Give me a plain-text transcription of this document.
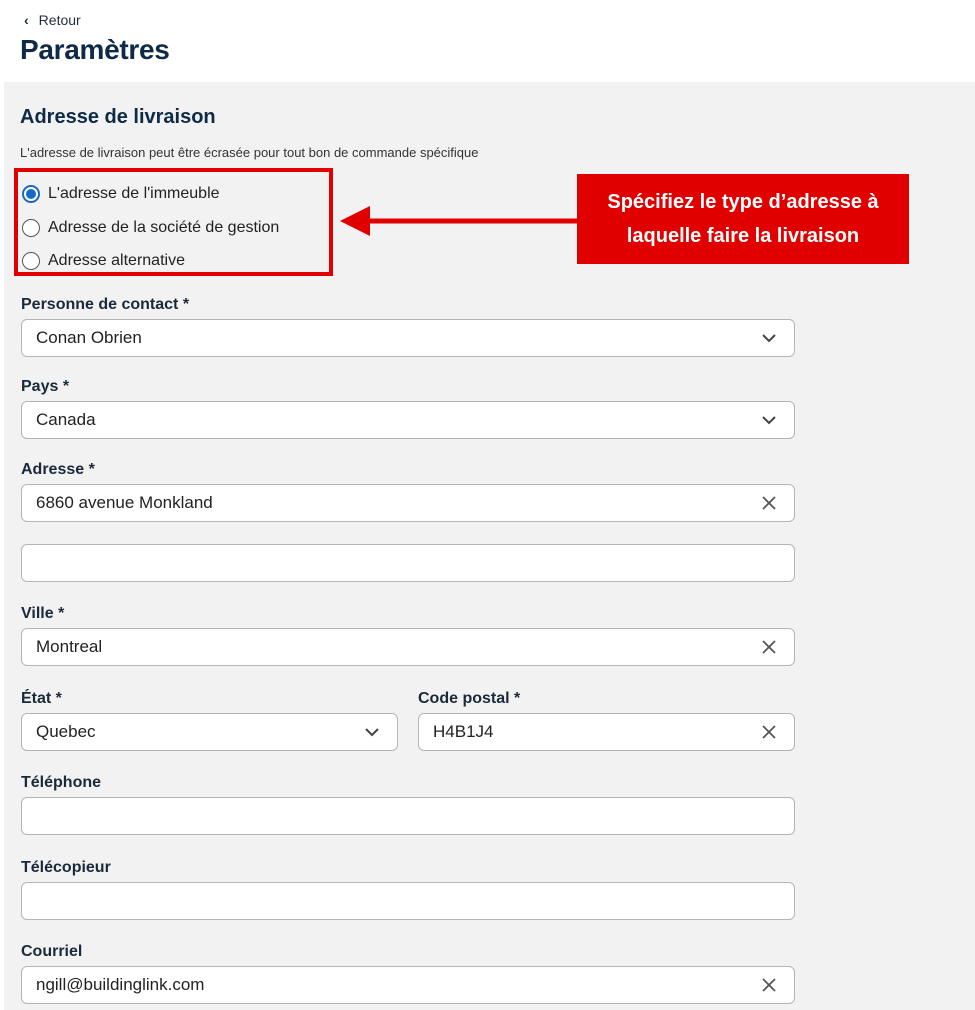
‹ Retour
Paramètres
Adresse de livraison
L'adresse de livraison peut être écrasée pour tout bon de commande spécifique
L'adresse de l'immeuble
Adresse de la société de gestion
Adresse alternative
Spécifiez le type d’adresse à
laquelle faire la livraison
Personne de contact *
Conan Obrien
Pays *
Canada
Adresse *
6860 avenue Monkland
Ville *
Montreal
État *
Quebec
Code postal *
H4B1J4
Téléphone
Télécopieur
Courriel
ngill@buildinglink.com
